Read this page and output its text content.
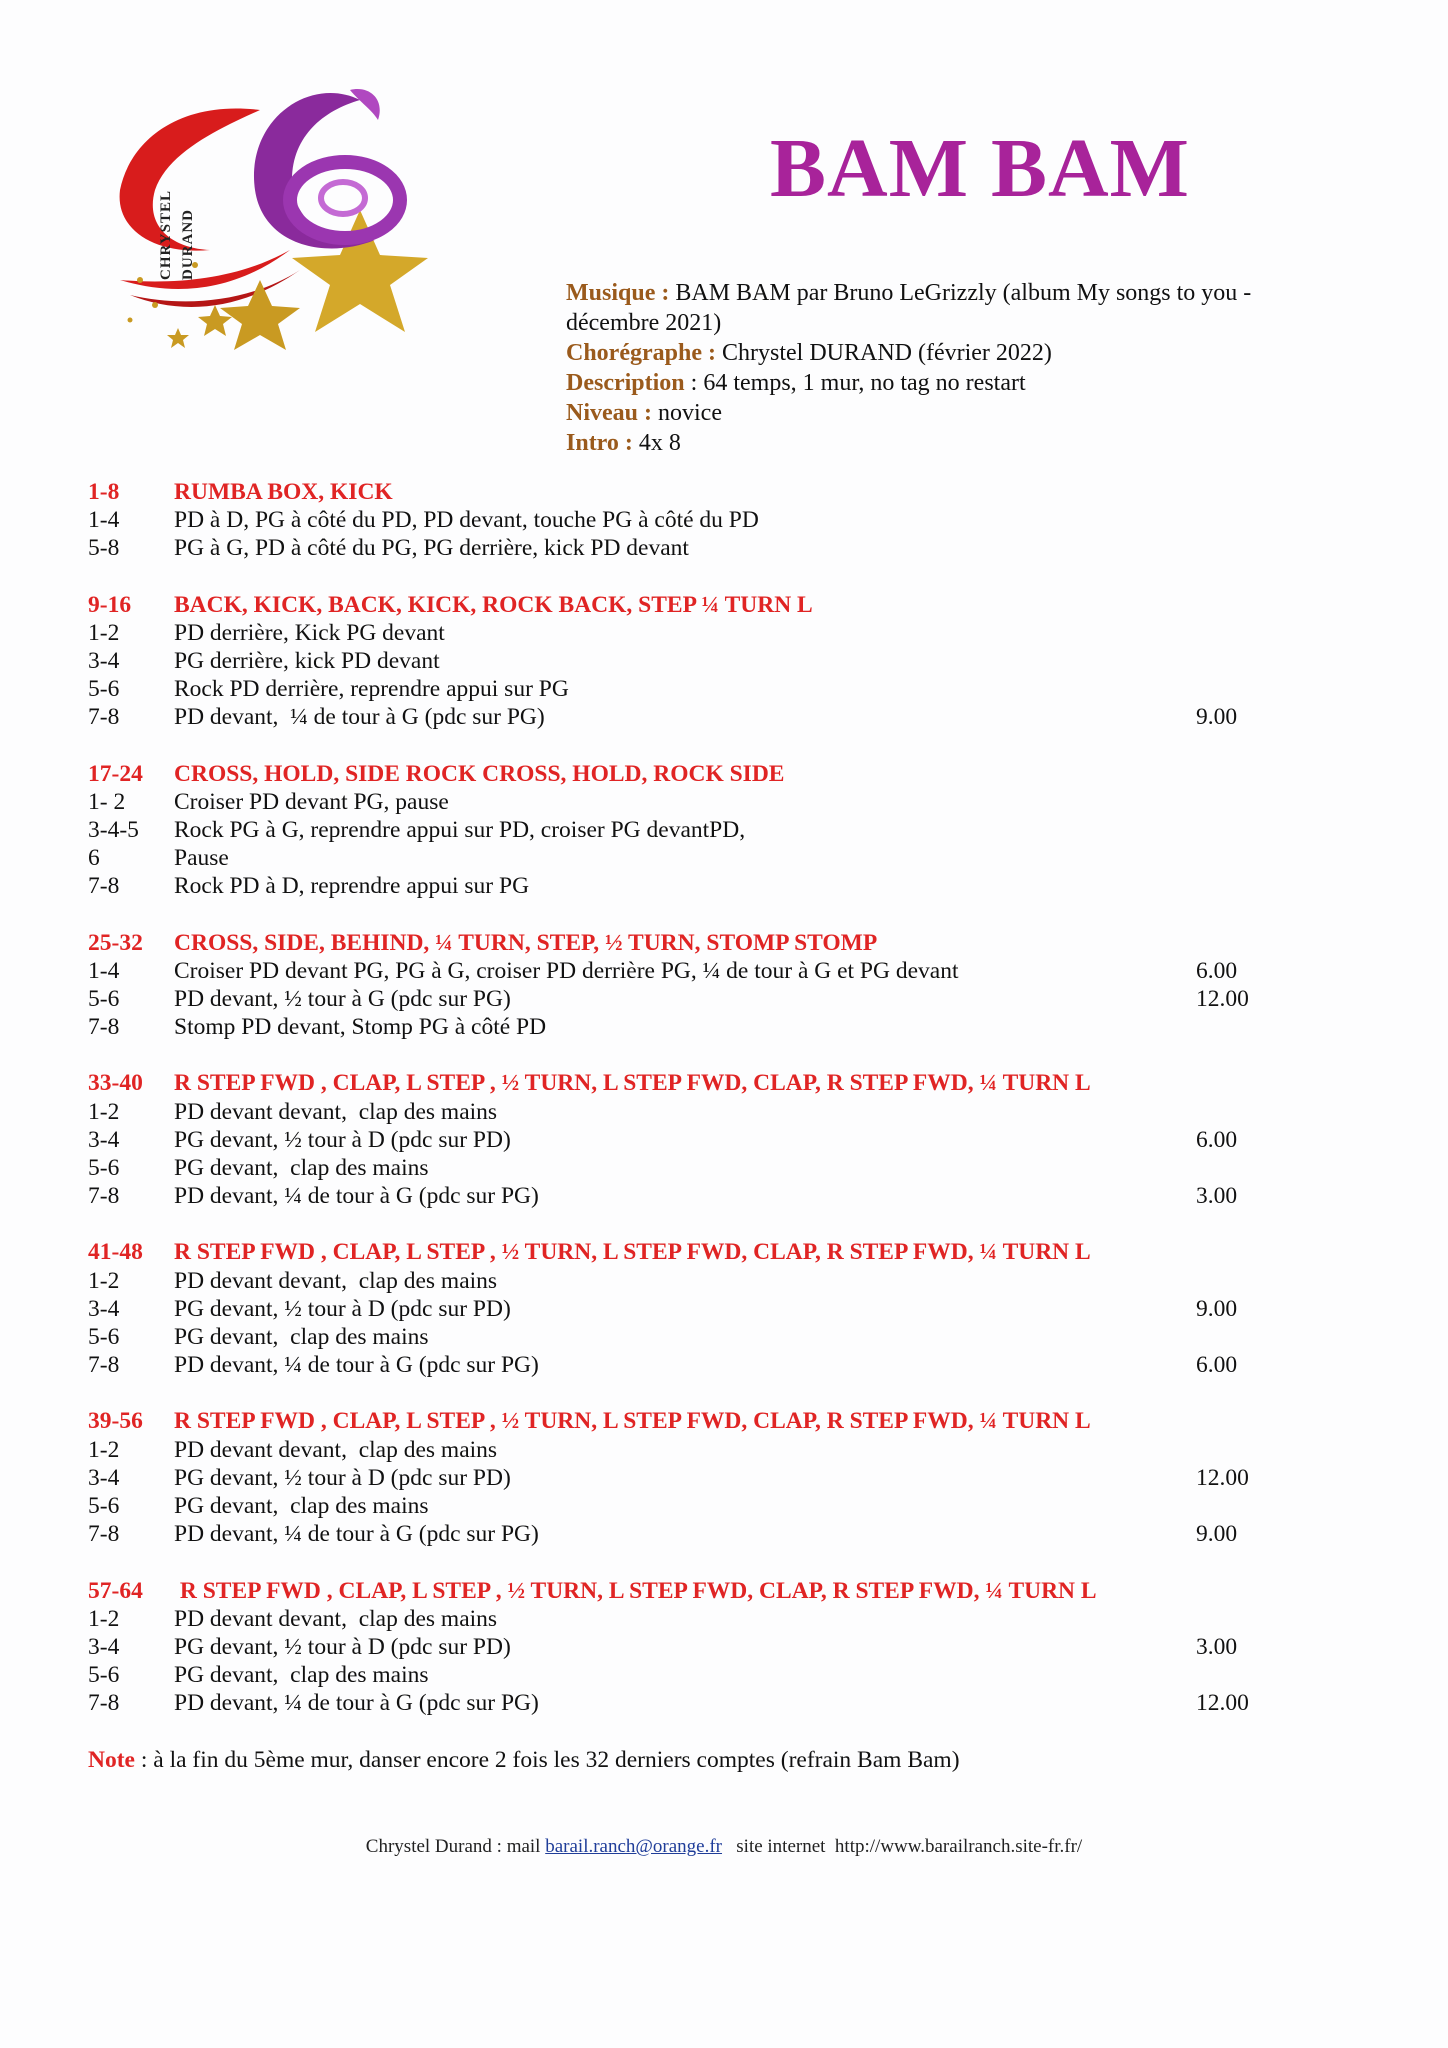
CHRYSTEL DURAND
BAM BAM
Musique : BAM BAM par Bruno LeGrizzly (album My songs to you - décembre 2021)
Chorégraphe : Chrystel DURAND (février 2022)
Description : 64 temps, 1 mur, no tag no restart
Niveau : novice
Intro : 4x 8
1-8	RUMBA BOX, KICK
1-4	PD à D, PG à côté du PD, PD devant, touche PG à côté du PD
5-8	PG à G, PD à côté du PG, PG derrière, kick PD devant
9-16	BACK, KICK, BACK, KICK, ROCK BACK, STEP ¼ TURN L
1-2	PD derrière, Kick PG devant
3-4	PG derrière, kick PD devant
5-6	Rock PD derrière, reprendre appui sur PG
7-8	PD devant,  ¼ de tour à G (pdc sur PG)	9.00
17-24	CROSS, HOLD, SIDE ROCK CROSS, HOLD, ROCK SIDE
1- 2	Croiser PD devant PG, pause
3-4-5	Rock PG à G, reprendre appui sur PD, croiser PG devantPD,
6	Pause
7-8	Rock PD à D, reprendre appui sur PG
25-32	CROSS, SIDE, BEHIND, ¼ TURN, STEP, ½ TURN, STOMP STOMP
1-4	Croiser PD devant PG, PG à G, croiser PD derrière PG, ¼ de tour à G et PG devant	6.00
5-6	PD devant, ½ tour à G (pdc sur PG)	12.00
7-8	Stomp PD devant, Stomp PG à côté PD
33-40	R STEP FWD , CLAP, L STEP , ½ TURN, L STEP FWD, CLAP, R STEP FWD, ¼ TURN L
1-2	PD devant devant,  clap des mains
3-4	PG devant, ½ tour à D (pdc sur PD)	6.00
5-6	PG devant,  clap des mains
7-8	PD devant, ¼ de tour à G (pdc sur PG)	3.00
41-48	R STEP FWD , CLAP, L STEP , ½ TURN, L STEP FWD, CLAP, R STEP FWD, ¼ TURN L
1-2	PD devant devant,  clap des mains
3-4	PG devant, ½ tour à D (pdc sur PD)	9.00
5-6	PG devant,  clap des mains
7-8	PD devant, ¼ de tour à G (pdc sur PG)	6.00
39-56	R STEP FWD , CLAP, L STEP , ½ TURN, L STEP FWD, CLAP, R STEP FWD, ¼ TURN L
1-2	PD devant devant,  clap des mains
3-4	PG devant, ½ tour à D (pdc sur PD)	12.00
5-6	PG devant,  clap des mains
7-8	PD devant, ¼ de tour à G (pdc sur PG)	9.00
57-64	R STEP FWD , CLAP, L STEP , ½ TURN, L STEP FWD, CLAP, R STEP FWD, ¼ TURN L
1-2	PD devant devant,  clap des mains
3-4	PG devant, ½ tour à D (pdc sur PD)	3.00
5-6	PG devant,  clap des mains
7-8	PD devant, ¼ de tour à G (pdc sur PG)	12.00
Note : à la fin du 5ème mur, danser encore 2 fois les 32 derniers comptes (refrain Bam Bam)
Chrystel Durand : mail barail.ranch@orange.fr   site internet  http://www.barailranch.site-fr.fr/
